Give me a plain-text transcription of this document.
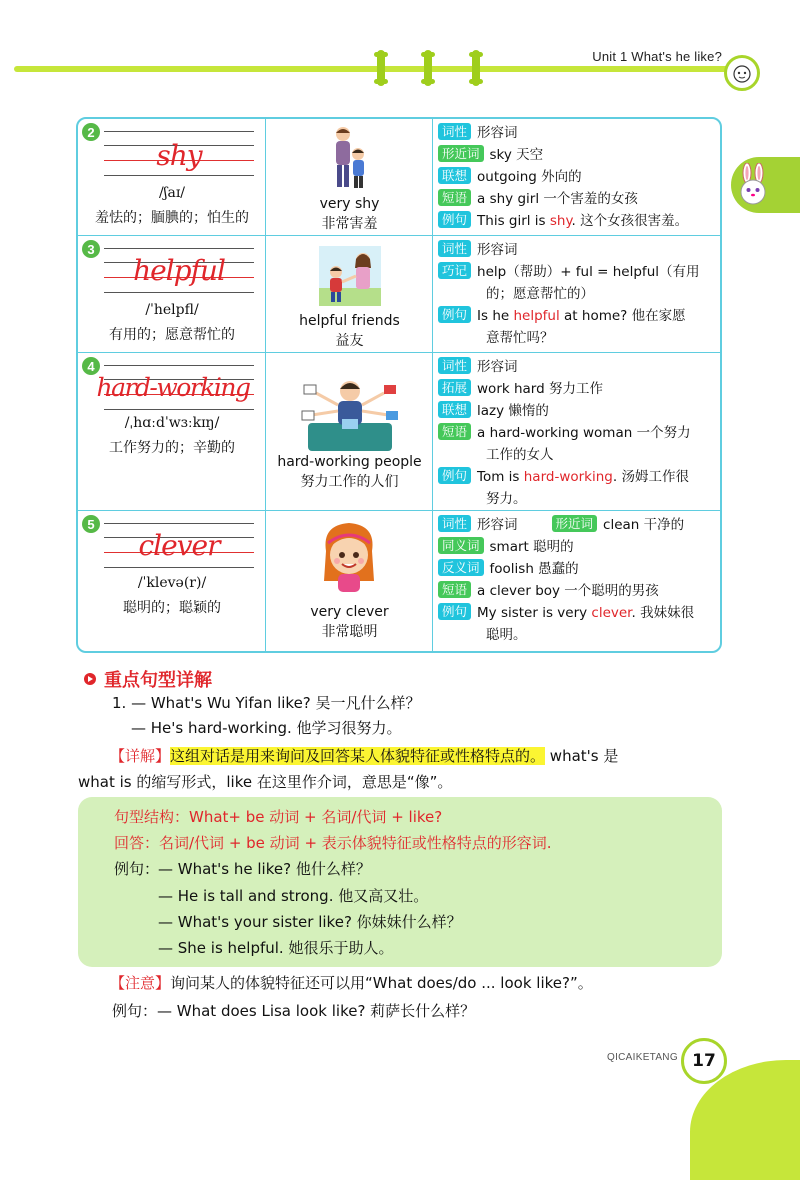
Unit 1 What's he like?
2
shy
/ʃaɪ/
羞怯的；腼腆的；怕生的
very shy
非常害羞
词性 形容词
形近词 sky 天空
联想 outgoing 外向的
短语 a shy girl 一个害羞的女孩
例句 This girl is shy. 这个女孩很害羞。
3
helpful
/ˈhelpfl/
有用的；愿意帮忙的
helpful friends
益友
词性 形容词
巧记 help（帮助）+ ful = helpful（有用
的；愿意帮忙的）
例句 Is he helpful at home? 他在家愿
意帮忙吗？
4
hard-working
/ˌhɑːdˈwɜːkɪŋ/
工作努力的；辛勤的
hard-working people
努力工作的人们
词性 形容词
拓展 work hard 努力工作
联想 lazy 懒惰的
短语 a hard-working woman 一个努力
工作的女人
例句 Tom is hard-working. 汤姆工作很
努力。
5
clever
/ˈklevə(r)/
聪明的；聪颖的	very clever
非常聪明
词性 形容词	形近词 clean 干净的
同义词 smart 聪明的
反义词 foolish 愚蠢的
短语 a clever boy 一个聪明的男孩
例句 My sister is very clever. 我妹妹很
聪明。
重点句型详解
1. — What's Wu Yifan like? 吴一凡什么样？
— He's hard-working. 他学习很努力。
【详解】这组对话是用来询问及回答某人体貌特征或性格特点的。 what's 是
what is 的缩写形式，like 在这里作介词，意思是“像”。
句型结构：What+ be 动词 + 名词/代词 + like?
回答：名词/代词 + be 动词 + 表示体貌特征或性格特点的形容词.
例句：
— What's he like? 他什么样？
— He is tall and strong. 他又高又壮。
— What's your sister like? 你妹妹什么样？
— She is helpful. 她很乐于助人。
【注意】询问某人的体貌特征还可以用“What does/do ... look like?”。
例句：— What does Lisa look like? 莉萨长什么样？
QICAIKETANG 17
